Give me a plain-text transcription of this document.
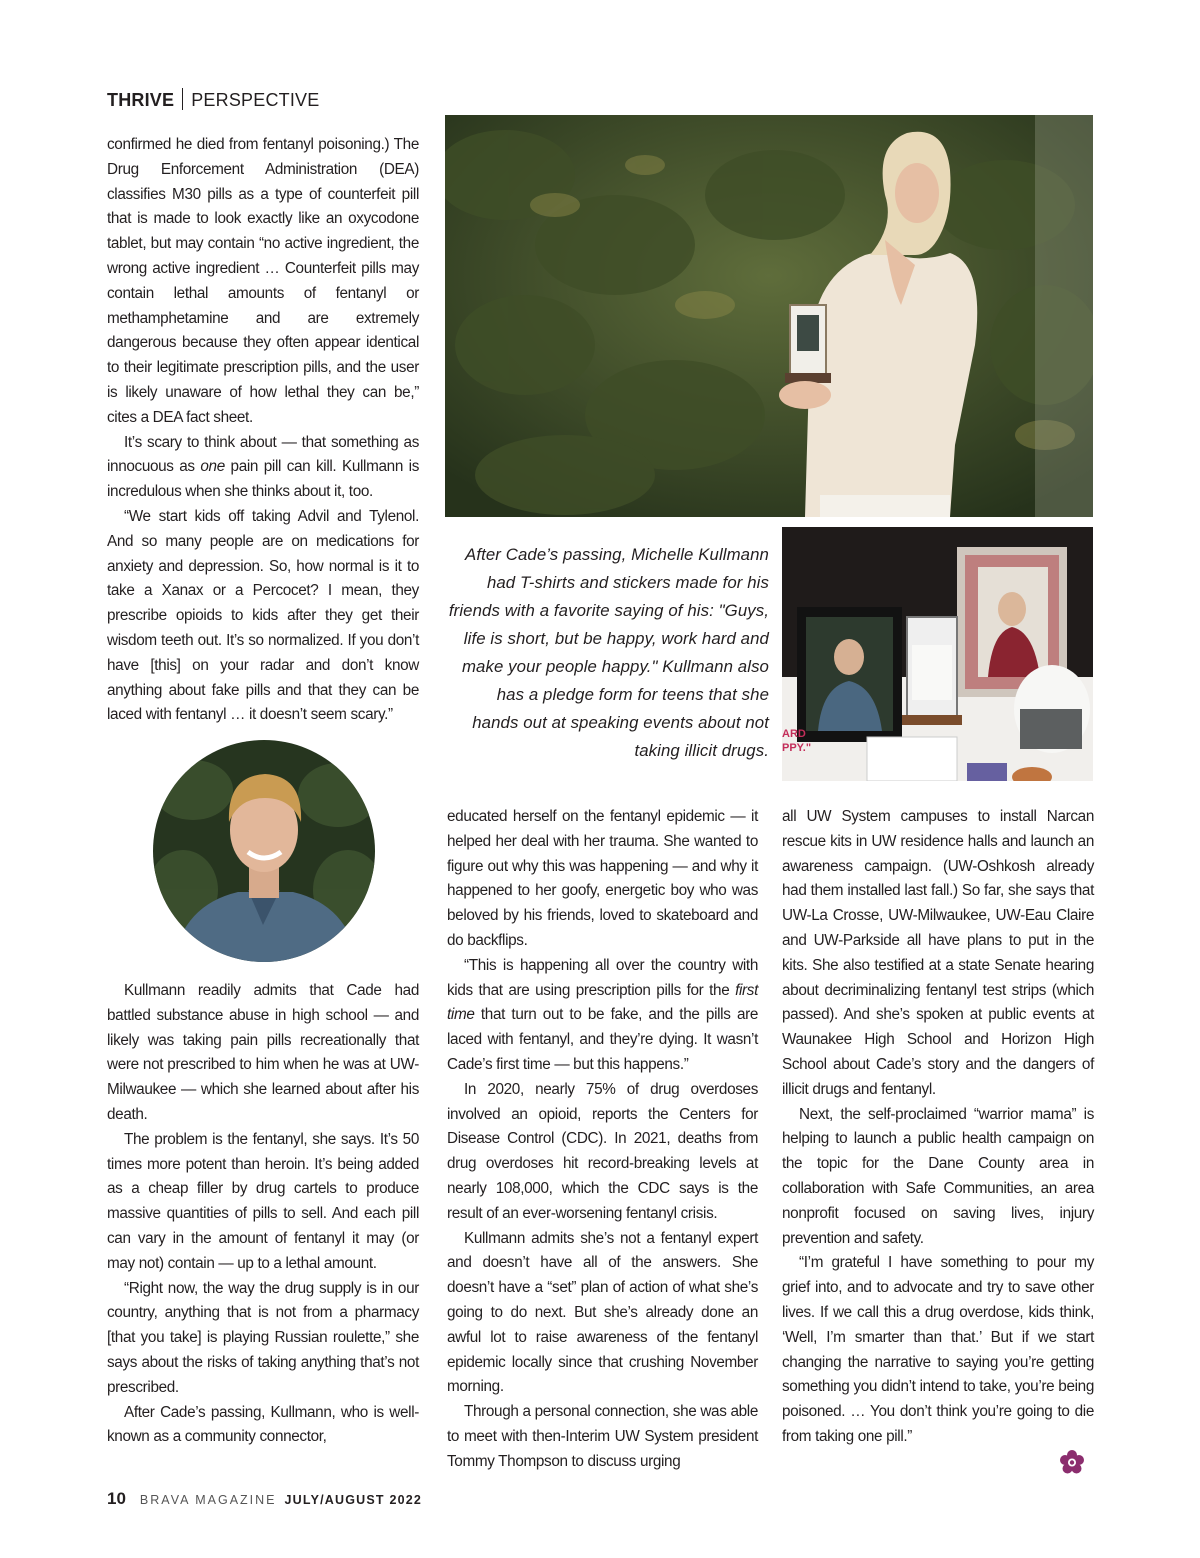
THRIVE PERSPECTIVE

confirmed he died from fentanyl poisoning.) The Drug Enforcement Administration (DEA) classifies M30 pills as a type of counterfeit pill that is made to look exactly like an oxycodone tablet, but may contain “no active ingredient, the wrong active ingredient … Counterfeit pills may contain lethal amounts of fentanyl or methamphetamine and are extremely dangerous because they often appear identical to their legitimate prescription pills, and the user is likely unaware of how lethal they can be,” cites a DEA fact sheet.

It’s scary to think about — that something as innocuous as one pain pill can kill. Kullmann is incredulous when she thinks about it, too.

“We start kids off taking Advil and Tylenol. And so many people are on medications for anxiety and depression. So, how normal is it to take a Xanax or a Percocet? I mean, they prescribe opioids to kids after they get their wisdom teeth out. It’s so normalized. If you don’t have [this] on your radar and don’t know anything about fake pills and that they can be laced with fentanyl … it doesn’t seem scary.”

After Cade’s passing, Michelle Kullmann had T-shirts and stickers made for his friends with a favorite saying of his: "Guys, life is short, but be happy, work hard and make your people happy." Kullmann also has a pledge form for teens that she hands out at speaking events about not taking illicit drugs.
ARD
PPY."

Kullmann readily admits that Cade had battled substance abuse in high school — and likely was taking pain pills recreationally that were not prescribed to him when he was at UW-Milwaukee — which she learned about after his death.

The problem is the fentanyl, she says. It’s 50 times more potent than heroin. It’s being added as a cheap filler by drug cartels to produce massive quantities of pills to sell. And each pill can vary in the amount of fentanyl it may (or may not) contain — up to a lethal amount.

“Right now, the way the drug supply is in our country, anything that is not from a pharmacy [that you take] is playing Russian roulette,” she says about the risks of taking anything that’s not prescribed.

After Cade’s passing, Kullmann, who is well-known as a community connector,

educated herself on the fentanyl epidemic — it helped her deal with her trauma. She wanted to figure out why this was happening — and why it happened to her goofy, energetic boy who was beloved by his friends, loved to skateboard and do backflips.

“This is happening all over the country with kids that are using prescription pills for the first time that turn out to be fake, and the pills are laced with fentanyl, and they’re dying. It wasn’t Cade’s first time — but this happens.”

In 2020, nearly 75% of drug overdoses involved an opioid, reports the Centers for Disease Control (CDC). In 2021, deaths from drug overdoses hit record-breaking levels at nearly 108,000, which the CDC says is the result of an ever-worsening fentanyl crisis.

Kullmann admits she’s not a fentanyl expert and doesn’t have all of the answers. She doesn’t have a “set” plan of action of what she’s going to do next. But she’s already done an awful lot to raise awareness of the fentanyl epidemic locally since that crushing November morning.

Through a personal connection, she was able to meet with then-Interim UW System president Tommy Thompson to discuss urging

all UW System campuses to install Narcan rescue kits in UW residence halls and launch an awareness campaign. (UW-Oshkosh already had them installed last fall.) So far, she says that UW-La Crosse, UW-Milwaukee, UW-Eau Claire and UW-Parkside all have plans to put in the kits. She also testified at a state Senate hearing about decriminalizing fentanyl test strips (which passed). And she’s spoken at public events at Waunakee High School and Horizon High School about Cade’s story and the dangers of illicit drugs and fentanyl.

Next, the self-proclaimed “warrior mama” is helping to launch a public health campaign on the topic for the Dane County area in collaboration with Safe Communities, an area nonprofit focused on saving lives, injury prevention and safety.

“I’m grateful I have something to pour my grief into, and to advocate and try to save other lives. If we call this a drug overdose, kids think, ‘Well, I’m smarter than that.’ But if we start changing the narrative to saying you’re getting something you didn’t intend to take, you’re being poisoned. … You don’t think you’re going to die from taking one pill.”

10 BRAVA MAGAZINE JULY/AUGUST 2022
